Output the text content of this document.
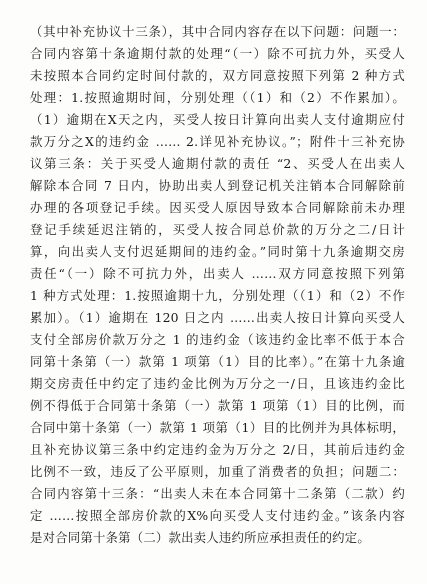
（其中补充协议十三条），其中合同内容存在以下问题：问题一：
合同内容第十条逾期付款的处理“（一）除不可抗力外，买受人
未按照本合同约定时间付款的，双方同意按照下列第 2 种方式
处理：1.按照逾期时间，分别处理（（1）和（2）不作累加）。
（1）逾期在X天之内，买受人按日计算向出卖人支付逾期应付
款万分之X的违约金 …… 2.详见补充协议。”；附件十三补充协
议第三条：关于买受人逾期付款的责任 “2、买受人在出卖人
解除本合同 7 日内，协助出卖人到登记机关注销本合同解除前
办理的各项登记手续。因买受人原因导致本合同解除前未办理
登记手续延迟注销的，买受人按合同总价款的万分之二/日计
算，向出卖人支付迟延期间的违约金。”同时第十九条逾期交房
责任“（一）除不可抗力外，出卖人 ……双方同意按照下列第
1 种方式处理：1.按照逾期十九，分别处理（（1）和（2）不作
累加）。（1）逾期在 120 日之内 ……出卖人按日计算向买受人
支付全部房价款万分之 1 的违约金（该违约金比率不低于本合
同第十条第（一）款第 1 项第（1）目的比率）。”在第十九条逾
期交房责任中约定了违约金比例为万分之一/日，且该违约金比
例不得低于合同第十条第（一）款第 1 项第（1）目的比例，而
合同中第十条第（一）款第 1 项第（1）目的比例并为具体标明，
且补充协议第三条中约定违约金为万分之 2/日，其前后违约金
比例不一致，违反了公平原则，加重了消费者的负担；问题二：
合同内容第十三条：“出卖人未在本合同第十二条第（二款）约
定 ……按照全部房价款的X%向买受人支付违约金。”该条内容
是对合同第十条第（二）款出卖人违约所应承担责任的约定。
